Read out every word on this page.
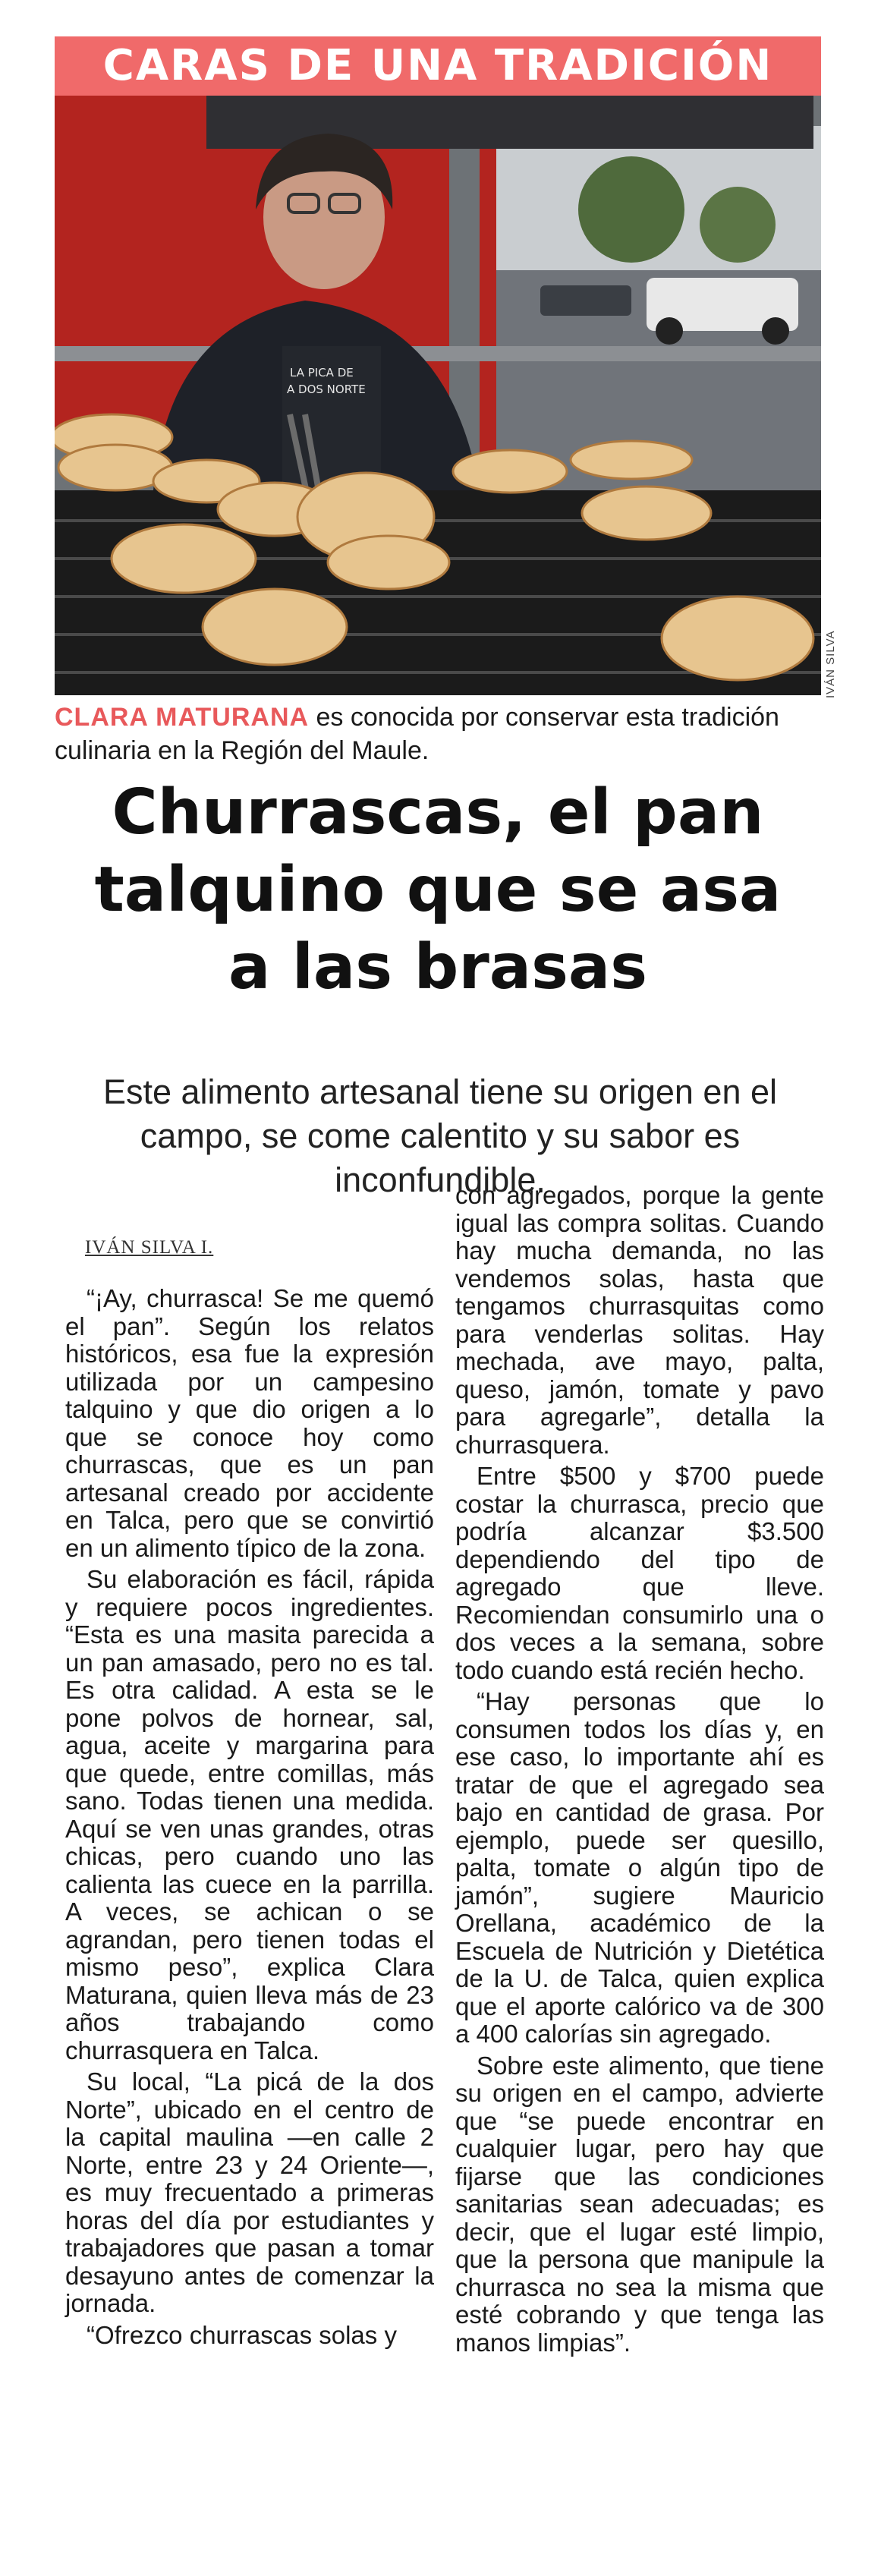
CARAS DE UNA TRADICIÓN
LA PICA DE
A DOS NORTE
IVÁN SILVA
CLARA MATURANA es conocida por conservar esta tradición culinaria en la Región del Maule.
Churrascas, el pan
talquino que se asa
a las brasas
Este alimento artesanal tiene su origen en el campo, se come calentito y su sabor es inconfundible.
IVÁN SILVA I.

“¡Ay, churrasca! Se me quemó el pan”. Según los relatos históricos, esa fue la expresión utilizada por un campesino talquino y que dio origen a lo que se conoce hoy como churrascas, que es un pan artesanal creado por accidente en Talca, pero que se convirtió en un alimento típico de la zona.

Su elaboración es fácil, rápida y requiere pocos ingredientes. “Esta es una masita parecida a un pan amasado, pero no es tal. Es otra calidad. A esta se le pone polvos de hornear, sal, agua, aceite y margarina para que quede, entre comillas, más sano. Todas tienen una medida. Aquí se ven unas grandes, otras chicas, pero cuando uno las calienta las cuece en la parrilla. A veces, se achican o se agrandan, pero tienen todas el mismo peso”, explica Clara Maturana, quien lleva más de 23 años trabajando como churrasquera en Talca.

Su local, “La picá de la dos Norte”, ubicado en el centro de la capital maulina —en calle 2 Norte, entre 23 y 24 Oriente—, es muy frecuentado a primeras horas del día por estudiantes y trabajadores que pasan a tomar desayuno antes de comenzar la jornada.

“Ofrezco churrascas solas y

con agregados, porque la gente igual las compra solitas. Cuando hay mucha demanda, no las vendemos solas, hasta que tengamos churrasquitas como para venderlas solitas. Hay mechada, ave mayo, palta, queso, jamón, tomate y pavo para agregarle”, detalla la churrasquera.

Entre $500 y $700 puede costar la churrasca, precio que podría alcanzar $3.500 dependiendo del tipo de agregado que lleve. Recomiendan consumirlo una o dos veces a la semana, sobre todo cuando está recién hecho.

“Hay personas que lo consumen todos los días y, en ese caso, lo importante ahí es tratar de que el agregado sea bajo en cantidad de grasa. Por ejemplo, puede ser quesillo, palta, tomate o algún tipo de jamón”, sugiere Mauricio Orellana, académico de la Escuela de Nutrición y Dietética de la U. de Talca, quien explica que el aporte calórico va de 300 a 400 calorías sin agregado.

Sobre este alimento, que tiene su origen en el campo, advierte que “se puede encontrar en cualquier lugar, pero hay que fijarse que las condiciones sanitarias sean adecuadas; es decir, que el lugar esté limpio, que la persona que manipule la churrasca no sea la misma que esté cobrando y que tenga las manos limpias”.
